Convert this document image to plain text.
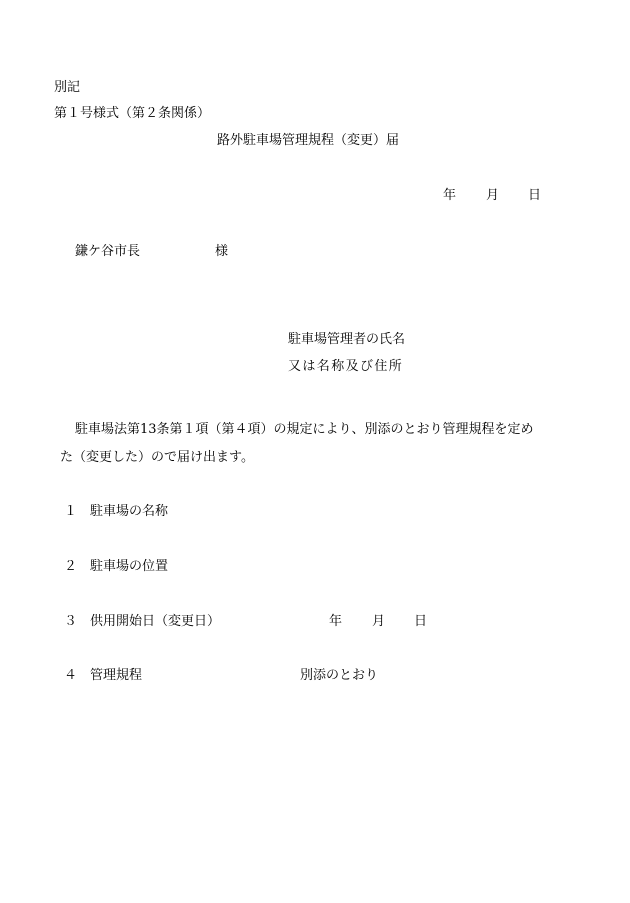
別記
第１号様式（第２条関係）
路外駐車場管理規程（変更）届
年 月 日
鎌ケ谷市長	様
駐車場管理者の氏名
又は名称及び住所
駐車場法第13条第１項（第４項）の規定により、別添のとおり管理規程を定め
た（変更した）ので届け出ます。
１ 駐車場の名称
２ 駐車場の位置
３ 供用開始日（変更日）	年 月 日
４ 管理規程	別添のとおり
